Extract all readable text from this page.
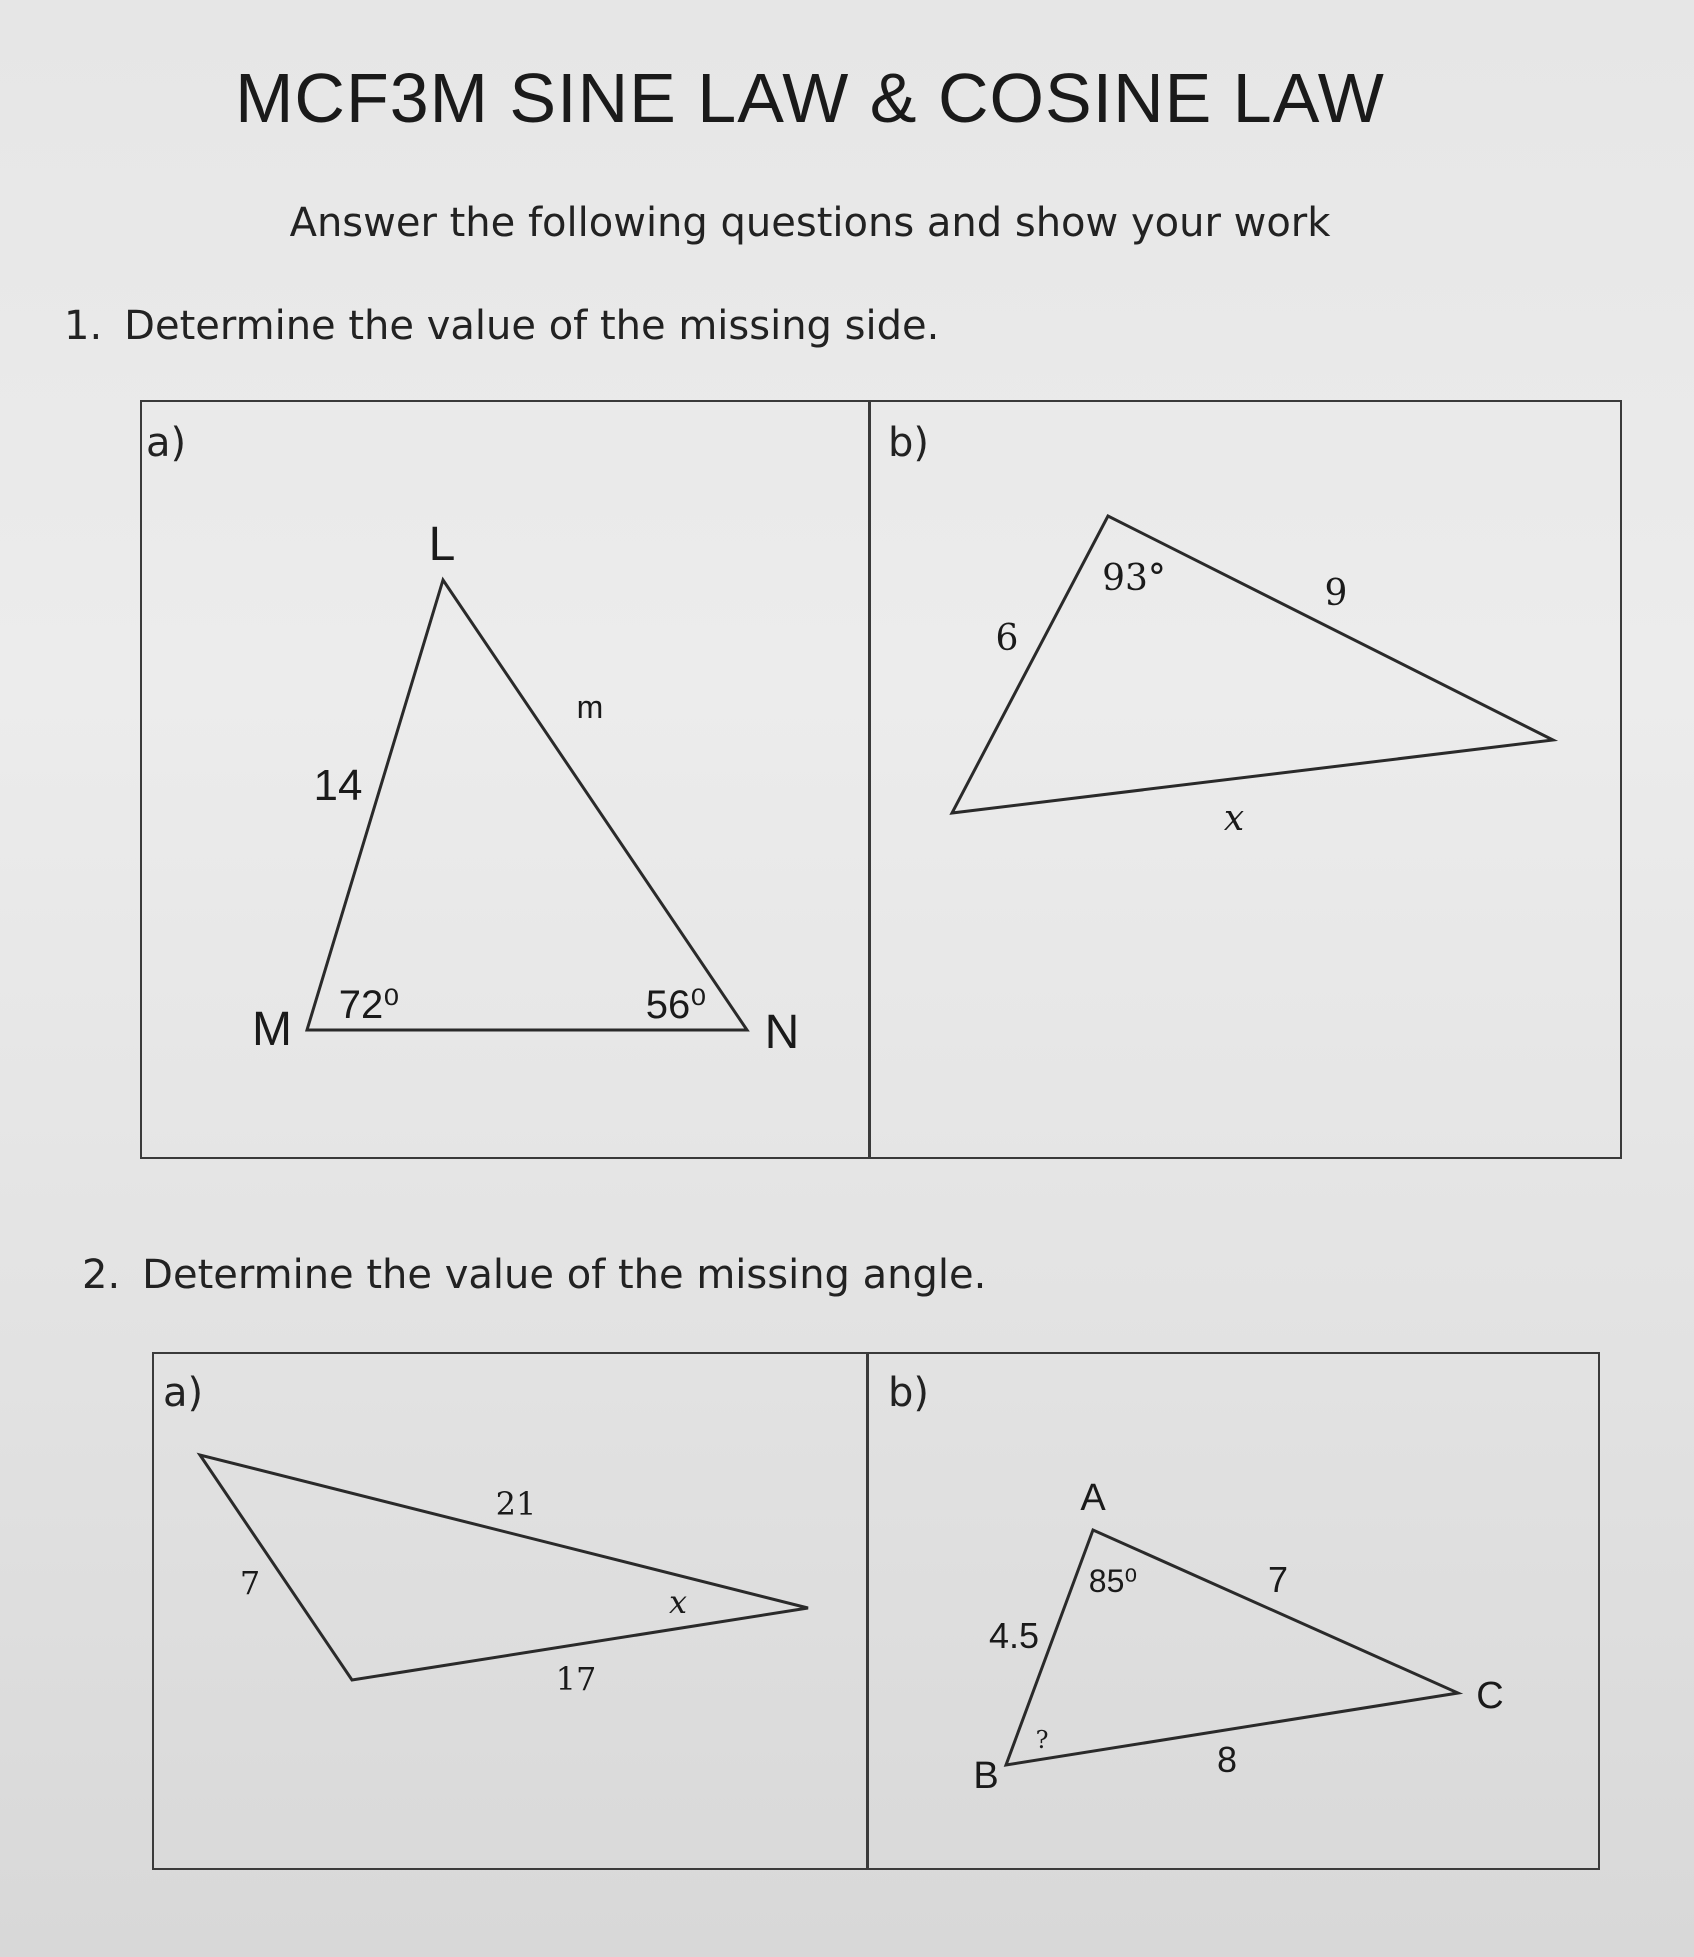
MCF3M SINE LAW & COSINE LAW
Answer the following questions and show your work
1. Determine the value of the missing side.
a)	b)
2. Determine the value of the missing angle.
a)	b)
L
M	N
14
m
72⁰	56⁰
93°
6
9
x
7
21
17
x
A
B
C
85⁰
4.5
7
8
?
